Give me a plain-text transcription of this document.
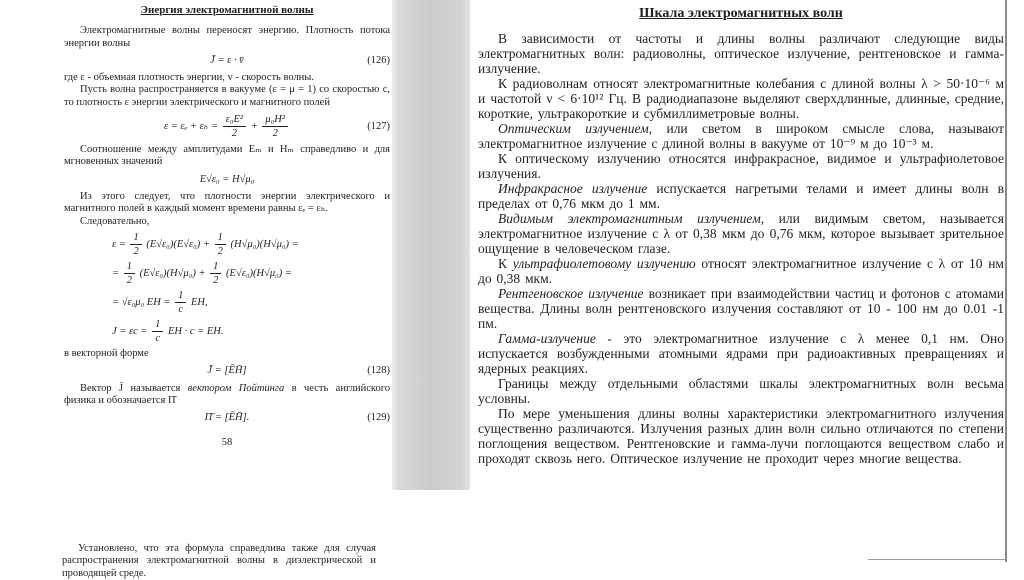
Энергия электромагнитной волны

Электромагнитные волны переносят энергию. Плотность потока энергии волны

J̄ = ε · v̄	(126)

где ε - объемная плотность энергии, v - скорость волны.

Пусть волна распространяется в вакууме (ε = μ = 1) со скоростью с, то плотность ε энергии электрического и магнитного полей

$\varepsilon = \varepsilon_e + \varepsilon_h = \frac{\text{ε₀E²}}{2} + \frac{\text{μ₀H²}}{2}$	(127)

Соотношение между амплитудами Eₘ и Hₘ справедливо и для мгновенных значений

E√ε₀ = H√μ₀

Из этого следует, что плотности энергии электрического и магнитного полей в каждый момент времени равны εₑ = εₕ.

Следовательно,

$\varepsilon = \frac{1}{2} (E√\varepsilon_0)(E√\varepsilon_0) + \frac{1}{2} (H√\mu_0)(H√\mu_0)$ =
= $\frac{1}{2} (E√\varepsilon_0)(H√\mu_0) + \frac{1}{2} (E√\varepsilon_0)(H√\mu_0)$ =
= √ε₀μ₀ EH = $\frac{1}{c}$ EH,
$J = \varepsilon c = \frac{1}{c}$ EH · c = EH.

в векторной форме

J̄ = [ĒH̄]	(128)

Вектор J̄ называется вектором Пойтинга в честь английского физика и обозначается П̄

П̄ = [ĒH̄].	(129)
58
Шкала электромагнитных волн

В зависимости от частоты и длины волны различают следующие виды электромагнитных волн: радиоволны, оптическое излучение, рентгеновское и гамма-излучение.

К радиоволнам относят электромагнитные колебания с длиной волны λ > 50·10⁻⁶ м и частотой ν < 6·10¹² Гц. В радиодиапазоне выделяют сверхдлинные, длинные, средние, короткие, ультракороткие и субмиллиметровые волны.

Оптическим излучением, или светом в широком смысле слова, называют электромагнитное излучение с длиной волны в вакууме от 10⁻⁹ м до 10⁻³ м.

К оптическому излучению относятся инфракрасное, видимое и ультрафиолетовое излучения.

Инфракрасное излучение испускается нагретыми телами и имеет длины волн в пределах от 0,76 мкм до 1 мм.

Видимым электромагнитным излучением, или видимым светом, называется электромагнитное излучение с λ от 0,38 мкм до 0,76 мкм, которое вызывает зрительное ощущение в человеческом глазе.

К ультрафиолетовому излучению относят электромагнитное излучение с λ от 10 нм до 0,38 мкм.

Рентгеновское излучение возникает при взаимодействии частиц и фотонов с атомами вещества. Длины волн рентгеновского излучения составляют от 10 - 100 нм до 0.01 -1 пм.

Гамма-излучение - это электромагнитное излучение с λ менее 0,1 нм. Оно испускается возбужденными атомными ядрами при радиоактивных превращениях и ядерных реакциях.

Границы между отдельными областями шкалы электромагнитных волн весьма условны.

По мере уменьшения длины волны характеристики электромагнитного излучения существенно различаются. Излучения разных длин волн сильно отличаются по степени поглощения веществом. Рентгеновские и гамма-лучи поглощаются веществом слабо и проходят сквозь него. Оптическое излучение не проходит через многие вещества.

Установлено, что эта формула справедлива также для случая распространения электромагнитной волны в диэлектрической и проводящей среде.
